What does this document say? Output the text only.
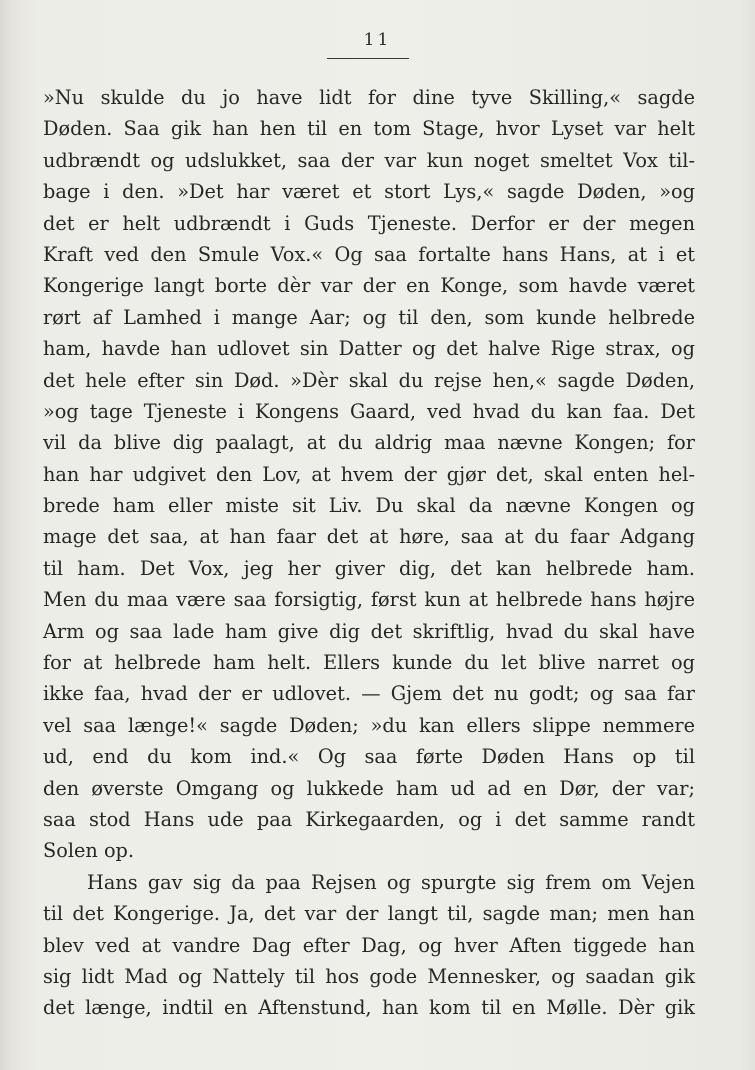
11
»Nu skulde du jo have lidt for dine tyve Skilling,« sagde
Døden. Saa gik han hen til en tom Stage, hvor Lyset var helt
udbrændt og udslukket, saa der var kun noget smeltet Vox til-
bage i den. »Det har været et stort Lys,« sagde Døden, »og
det er helt udbrændt i Guds Tjeneste. Derfor er der megen
Kraft ved den Smule Vox.« Og saa fortalte hans Hans, at i et
Kongerige langt borte dèr var der en Konge, som havde været
rørt af Lamhed i mange Aar; og til den, som kunde helbrede
ham, havde han udlovet sin Datter og det halve Rige strax, og
det hele efter sin Død. »Dèr skal du rejse hen,« sagde Døden,
»og tage Tjeneste i Kongens Gaard, ved hvad du kan faa. Det
vil da blive dig paalagt, at du aldrig maa nævne Kongen; for
han har udgivet den Lov, at hvem der gjør det, skal enten hel-
brede ham eller miste sit Liv. Du skal da nævne Kongen og
mage det saa, at han faar det at høre, saa at du faar Adgang
til ham. Det Vox, jeg her giver dig, det kan helbrede ham.
Men du maa være saa forsigtig, først kun at helbrede hans højre
Arm og saa lade ham give dig det skriftlig, hvad du skal have
for at helbrede ham helt. Ellers kunde du let blive narret og
ikke faa, hvad der er udlovet. — Gjem det nu godt; og saa far
vel saa længe!« sagde Døden; »du kan ellers slippe nemmere
ud, end du kom ind.« Og saa førte Døden Hans op til
den øverste Omgang og lukkede ham ud ad en Dør, der var;
saa stod Hans ude paa Kirkegaarden, og i det samme randt
Solen op.
Hans gav sig da paa Rejsen og spurgte sig frem om Vejen
til det Kongerige. Ja, det var der langt til, sagde man; men han
blev ved at vandre Dag efter Dag, og hver Aften tiggede han
sig lidt Mad og Nattely til hos gode Mennesker, og saadan gik
det længe, indtil en Aftenstund, han kom til en Mølle. Dèr gik
